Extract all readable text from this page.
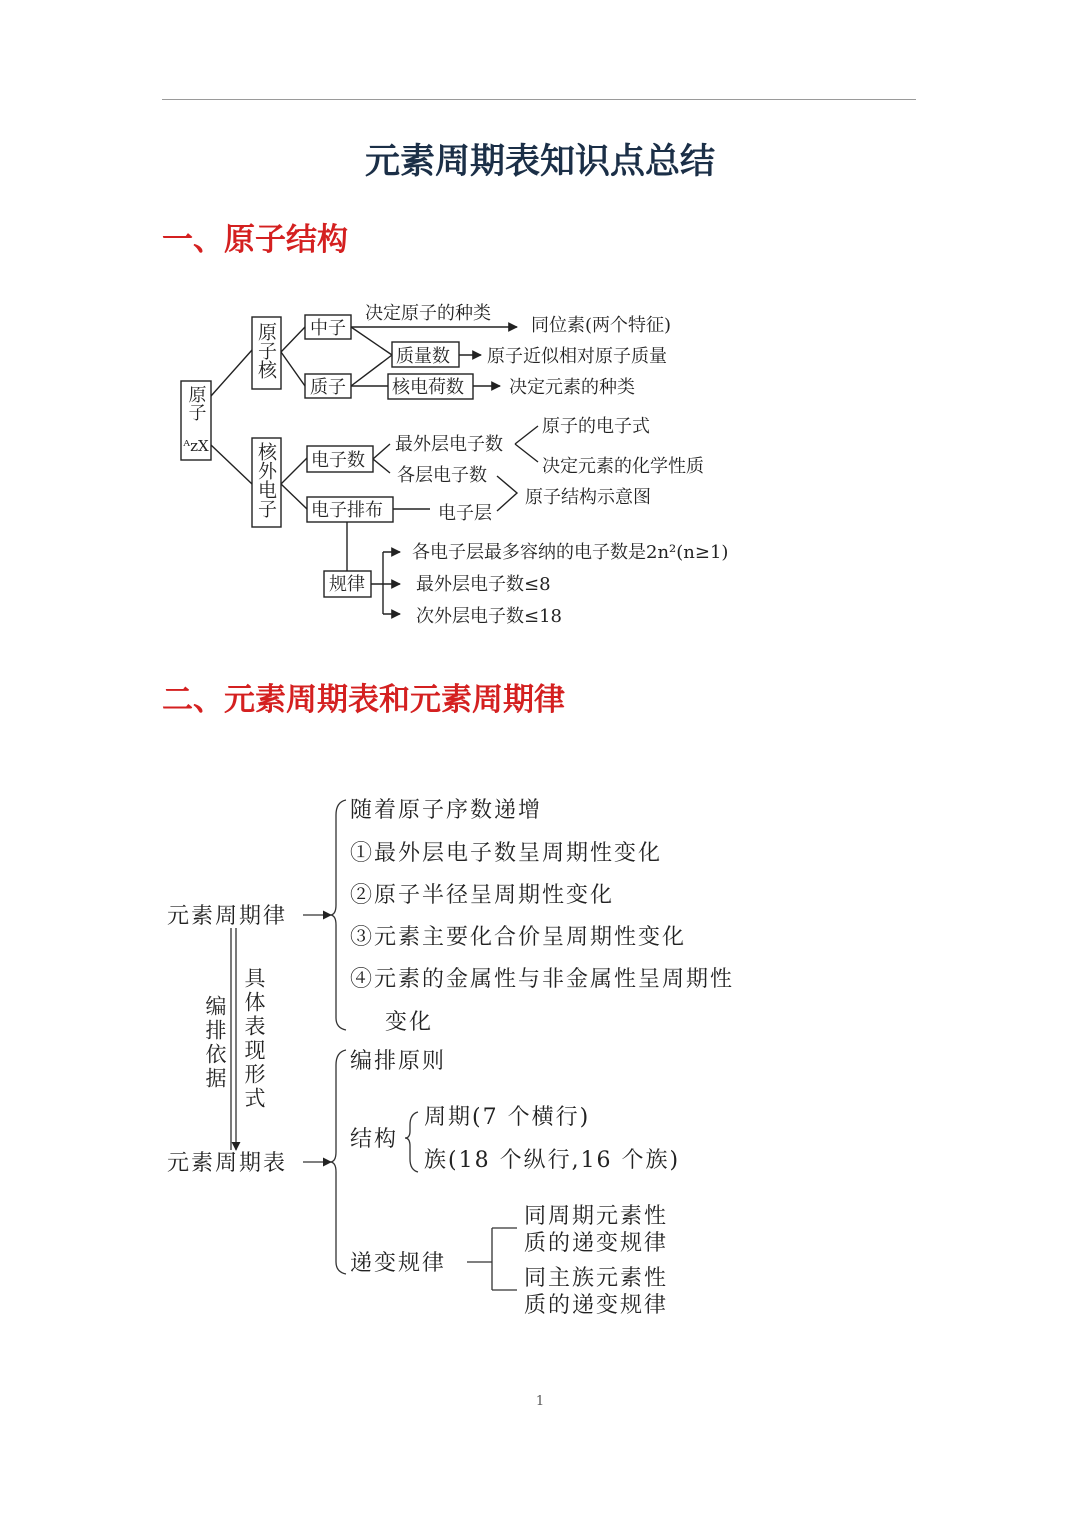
元素周期表知识点总结
一、原子结构
二、元素周期表和元素周期律
原子
ᴬzX
原子核
核外电子
中子
质子
决定原子的种类
同位素(两个特征)
质量数 原子近似相对原子质量
核电荷数	决定元素的种类
电子数
电子排布
最外层电子数
各层电子数
电子层
原子的电子式
决定元素的化学性质
原子结构示意图
规律
各电子层最多容纳的电子数是2n²(n≥1)
最外层电子数≤8
次外层电子数≤18
元素周期律
元素周期表
编排依据 具体表现形式
随着原子序数递增
①最外层电子数呈周期性变化
②原子半径呈周期性变化
③元素主要化合价呈周期性变化
④元素的金属性与非金属性呈周期性
变化
编排原则
结构
周期(7 个横行)
族(18 个纵行,16 个族)
递变规律
同周期元素性
质的递变规律
同主族元素性
质的递变规律
1
